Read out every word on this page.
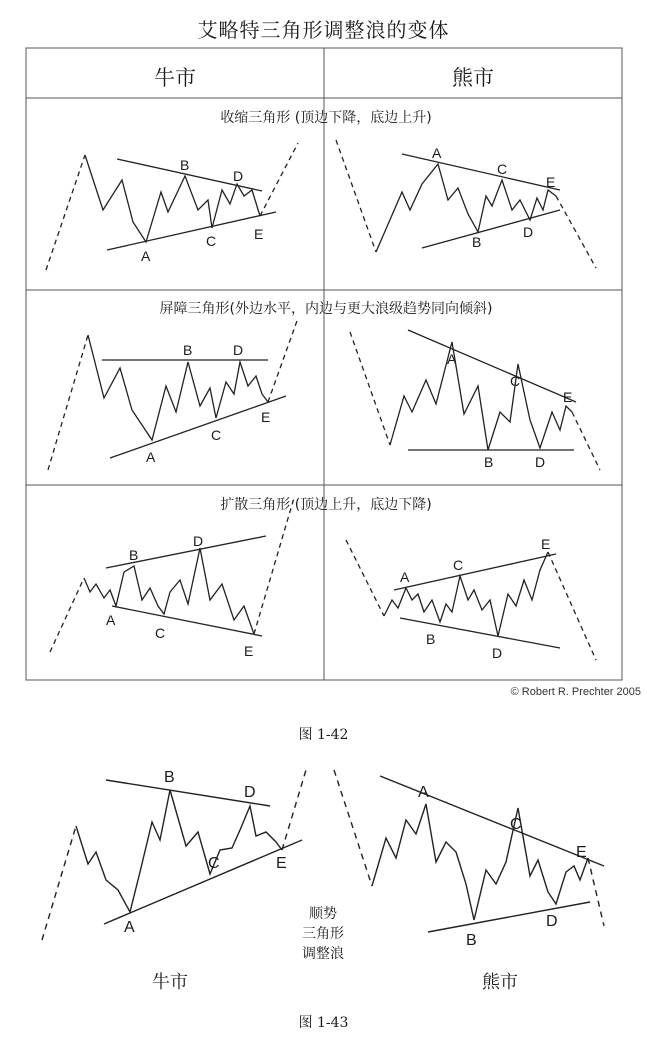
艾略特三角形调整浪的变体
A
B
C
D
E
A
B
C
D
E
A
B
C
D
E
A
B
C
D
E
A
B
C
D
E
A
B
C
D
E
A
B
C
D
E
A
B
C
D
E
牛市	熊市
收缩三角形 (顶边下降，底边上升)
屏障三角形(外边水平，内边与更大浪级趋势同向倾斜)
扩散三角形 (顶边上升，底边下降)
© Robert R. Prechter 2005
图 1-42
顺势
三角形
调整浪
牛市	熊市
图 1-43
